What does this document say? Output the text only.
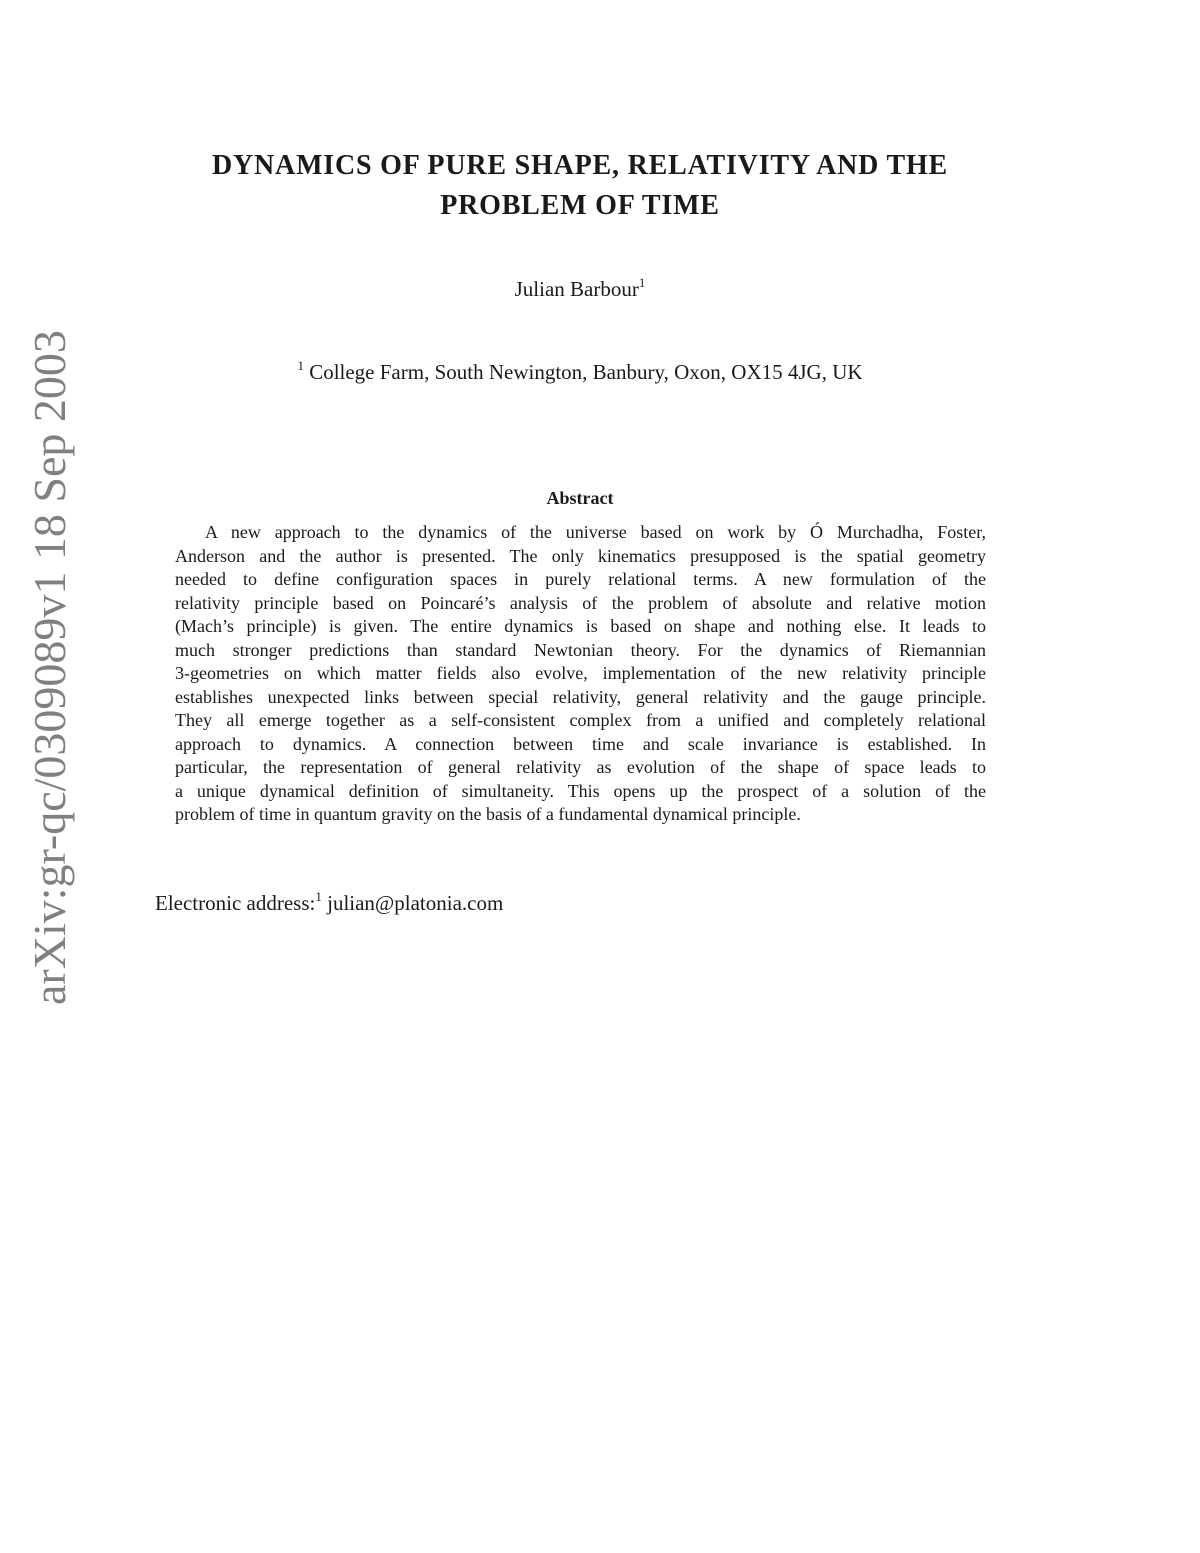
arXiv:gr-qc/0309089v1 18 Sep 2003
DYNAMICS OF PURE SHAPE, RELATIVITY AND THE
PROBLEM OF TIME

Julian Barbour$^1$

$^1$ College Farm, South Newington, Banbury, Oxon, OX15 4JG, UK

Abstract
A new approach to the dynamics of the universe based on work by Ó Murchadha, Foster,
Anderson and the author is presented. The only kinematics presupposed is the spatial geometry
needed to define configuration spaces in purely relational terms. A new formulation of the
relativity principle based on Poincaré’s analysis of the problem of absolute and relative motion
(Mach’s principle) is given. The entire dynamics is based on shape and nothing else. It leads to
much stronger predictions than standard Newtonian theory. For the dynamics of Riemannian
3-geometries on which matter fields also evolve, implementation of the new relativity principle
establishes unexpected links between special relativity, general relativity and the gauge principle.
They all emerge together as a self-consistent complex from a unified and completely relational
approach to dynamics. A connection between time and scale invariance is established. In
particular, the representation of general relativity as evolution of the shape of space leads to
a unique dynamical definition of simultaneity. This opens up the prospect of a solution of the
problem of time in quantum gravity on the basis of a fundamental dynamical principle.

Electronic address:$^1$ julian@platonia.com
